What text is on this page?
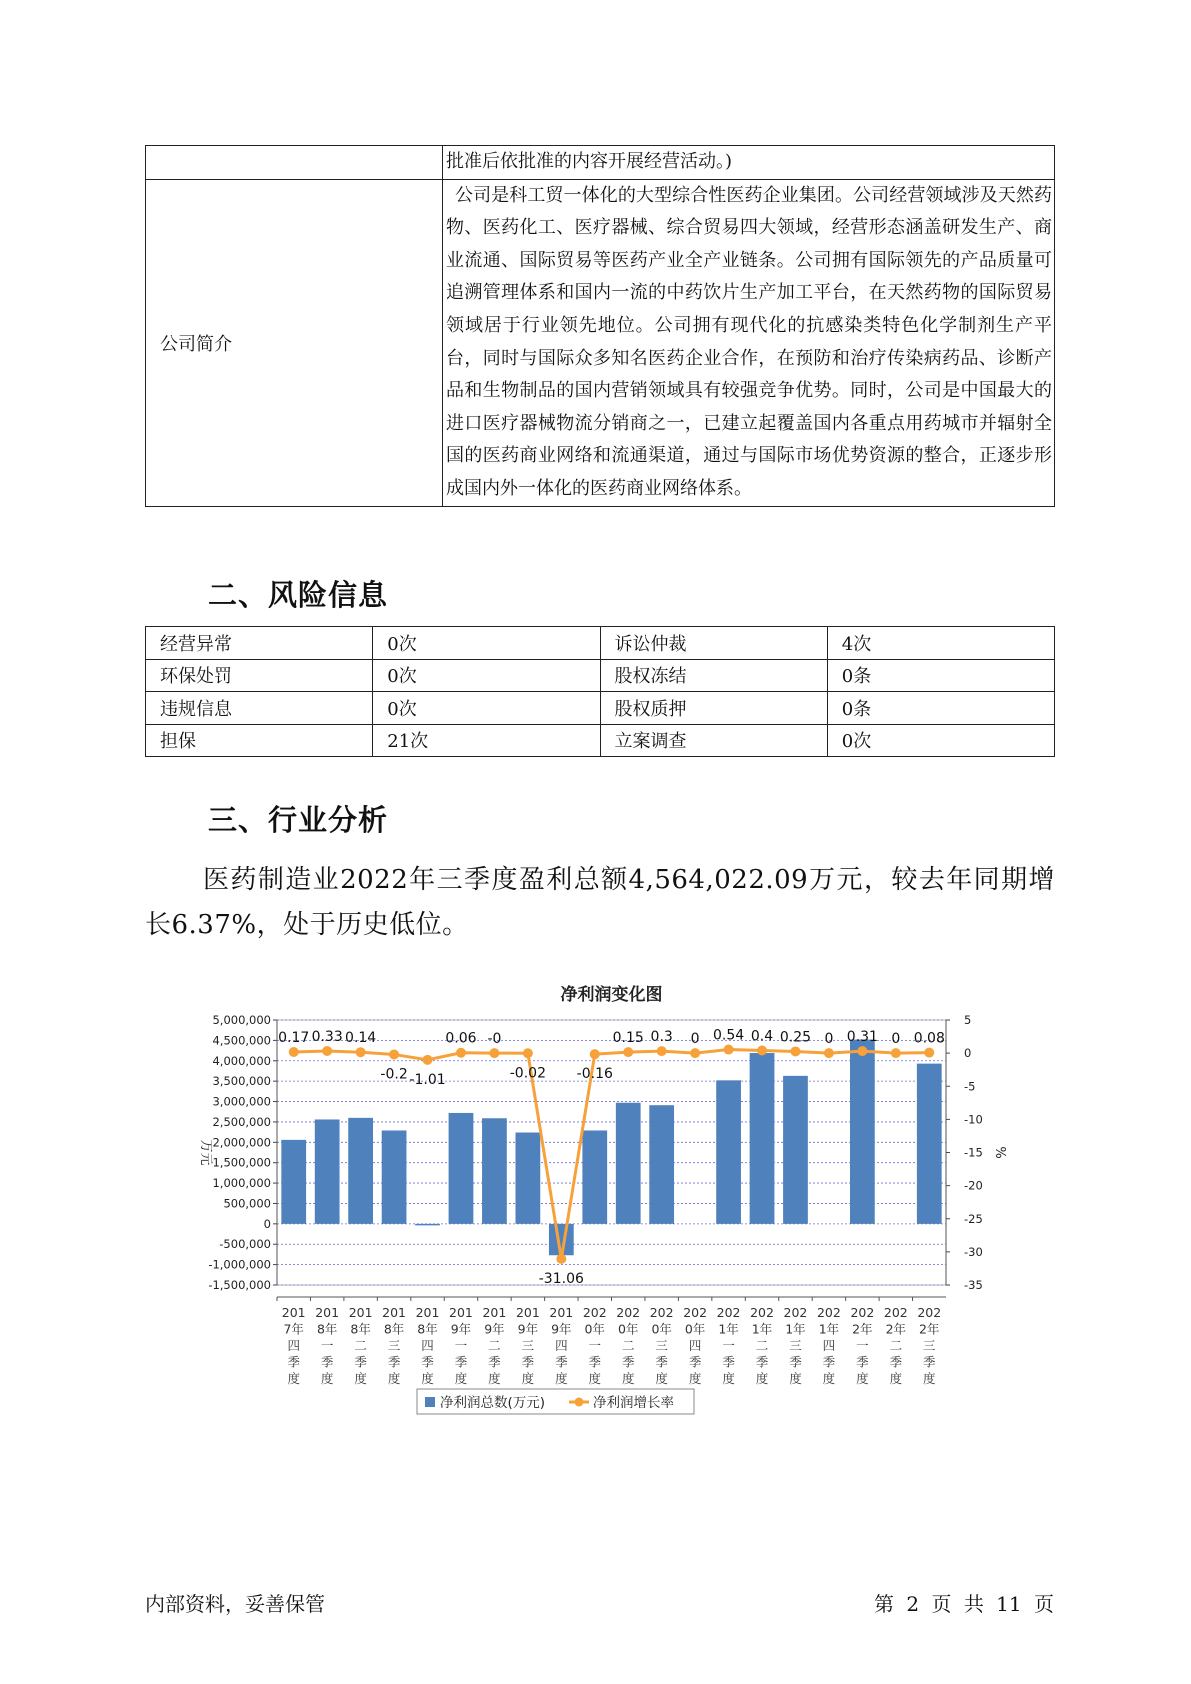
	批准后依批准的内容开展经营活动。)
公司简介	公司是科工贸一体化的大型综合性医药企业集团。公司经营领域涉及天然药物、医药化工、医疗器械、综合贸易四大领域，经营形态涵盖研发生产、商业流通、国际贸易等医药产业全产业链条。公司拥有国际领先的产品质量可追溯管理体系和国内一流的中药饮片生产加工平台，在天然药物的国际贸易领域居于行业领先地位。公司拥有现代化的抗感染类特色化学制剂生产平台，同时与国际众多知名医药企业合作，在预防和治疗传染病药品、诊断产品和生物制品的国内营销领域具有较强竞争优势。同时，公司是中国最大的进口医疗器械物流分销商之一，已建立起覆盖国内各重点用药城市并辐射全国的医药商业网络和流通渠道，通过与国际市场优势资源的整合，正逐步形成国内外一体化的医药商业网络体系。
二、风险信息
经营异常	0次	诉讼仲裁	4次
环保处罚	0次	股权冻结	0条
违规信息	0次	股权质押	0条
担保	21次	立案调查	0次
三、行业分析

医药制造业2022年三季度盈利总额4,564,022.09万元，较去年同期增长6.37%，处于历史低位。

净利润变化图
5,000,000
4,500,000
4,000,000
3,500,000
3,000,000
2,500,000
2,000,000
1,500,000
1,000,000
500,000
0
-500,000
-1,000,000
-1,500,000
5
0
-5
-10
-15
-20
-25
-30
-35
万元	%
201
7年
四
季
度
201
8年
一
季
度
201
8年
二
季
度
201
8年
三
季
度
201
8年
四
季
度
201
9年
一
季
度
201
9年
二
季
度
201
9年
三
季
度
201
9年
四
季
度
202
0年
一
季
度
202
0年
二
季
度
202
0年
三
季
度
202
0年
四
季
度
202
1年
一
季
度
202
1年
二
季
度
202
1年
三
季
度
202
1年
四
季
度
202
2年
一
季
度
202
2年
二
季
度
202
2年
三
季
度
0.17 0.33 0.14
-0.2 -1.01
0.06 -0
-0.02
-31.06
-0.16
0.15 0.3 0 0.54 0.4 0.25 0 0.31 0 0.08
净利润总数(万元)	净利润增长率
内部资料，妥善保管	第 2 页 共 11 页
